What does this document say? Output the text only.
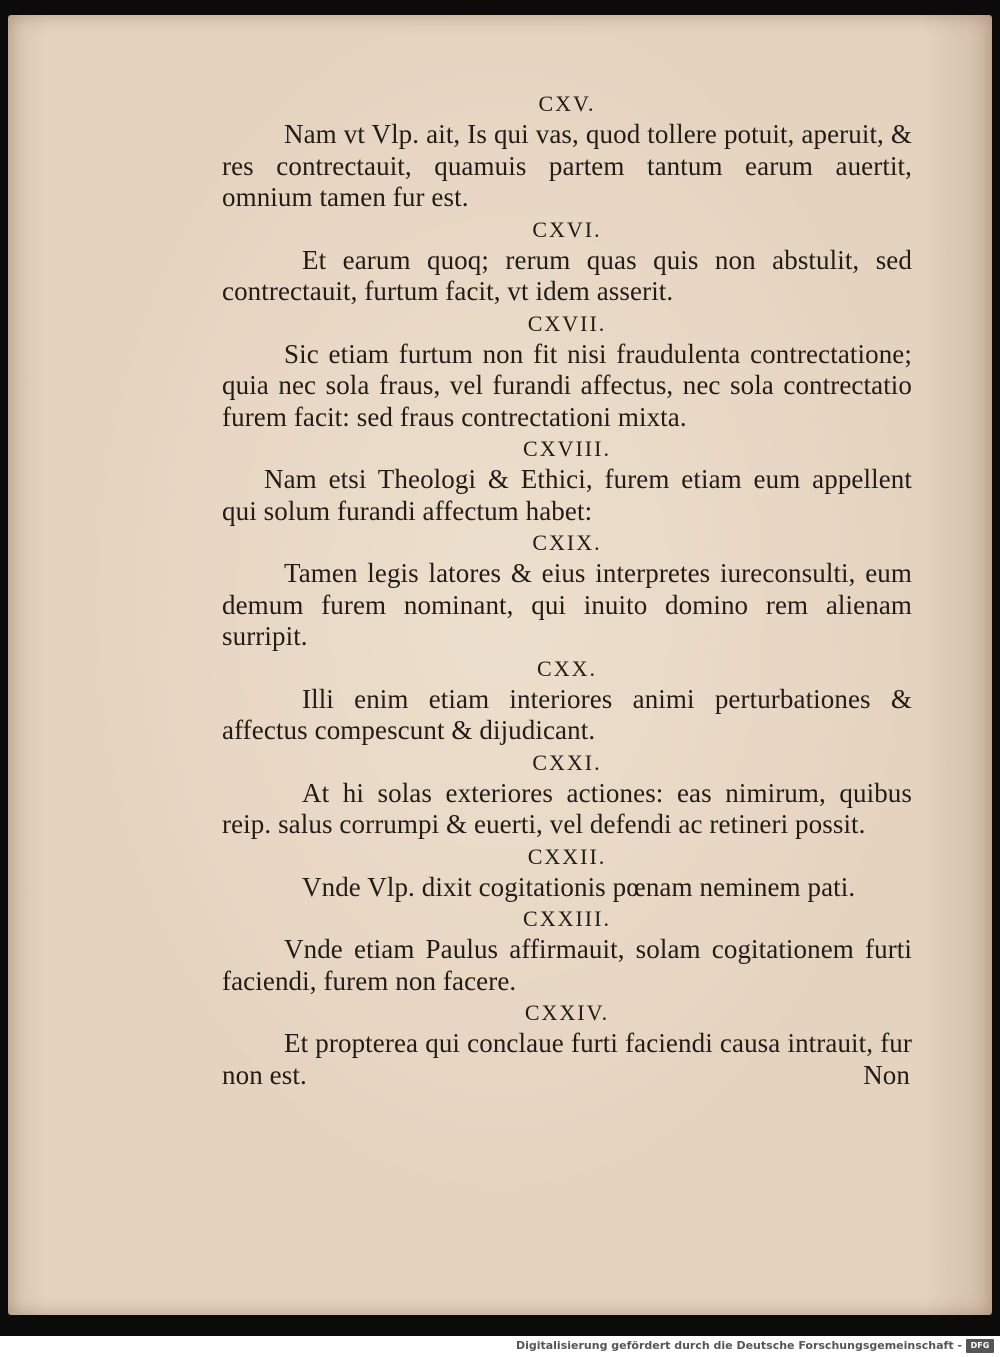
CXV.
Nam vt Vlp. ait, Is qui vas, quod tollere potuit, aperuit, & res contrectauit, quamuis partem tantum earum auertit, omnium tamen fur est.
CXVI.
Et earum quoq; rerum quas quis non abstulit, sed contrectauit, furtum facit, vt idem asserit.
CXVII.
Sic etiam furtum non fit nisi fraudulenta contrectatione; quia nec sola fraus, vel furandi affectus, nec sola contrectatio furem facit: sed fraus contrectationi mixta.
CXVIII.
Nam etsi Theologi & Ethici, furem etiam eum appellent qui solum furandi affectum habet:
CXIX.
Tamen legis latores & eius interpretes iureconsulti, eum demum furem nominant, qui inuito domino rem alienam surripit.
CXX.
Illi enim etiam interiores animi perturbationes & affectus compescunt & dijudicant.
CXXI.
At hi solas exteriores actiones: eas nimirum, quibus reip. salus corrumpi & euerti, vel defendi ac retineri possit.
CXXII.
Vnde Vlp. dixit cogitationis pœnam neminem pati.
CXXIII.
Vnde etiam Paulus affirmauit, solam cogitationem furti faciendi, furem non facere.
CXXIV.
Et propterea qui conclaue furti faciendi causa intrauit, fur non est.	Non
Digitalisierung gefördert durch die Deutsche Forschungsgemeinschaft -	DFG
